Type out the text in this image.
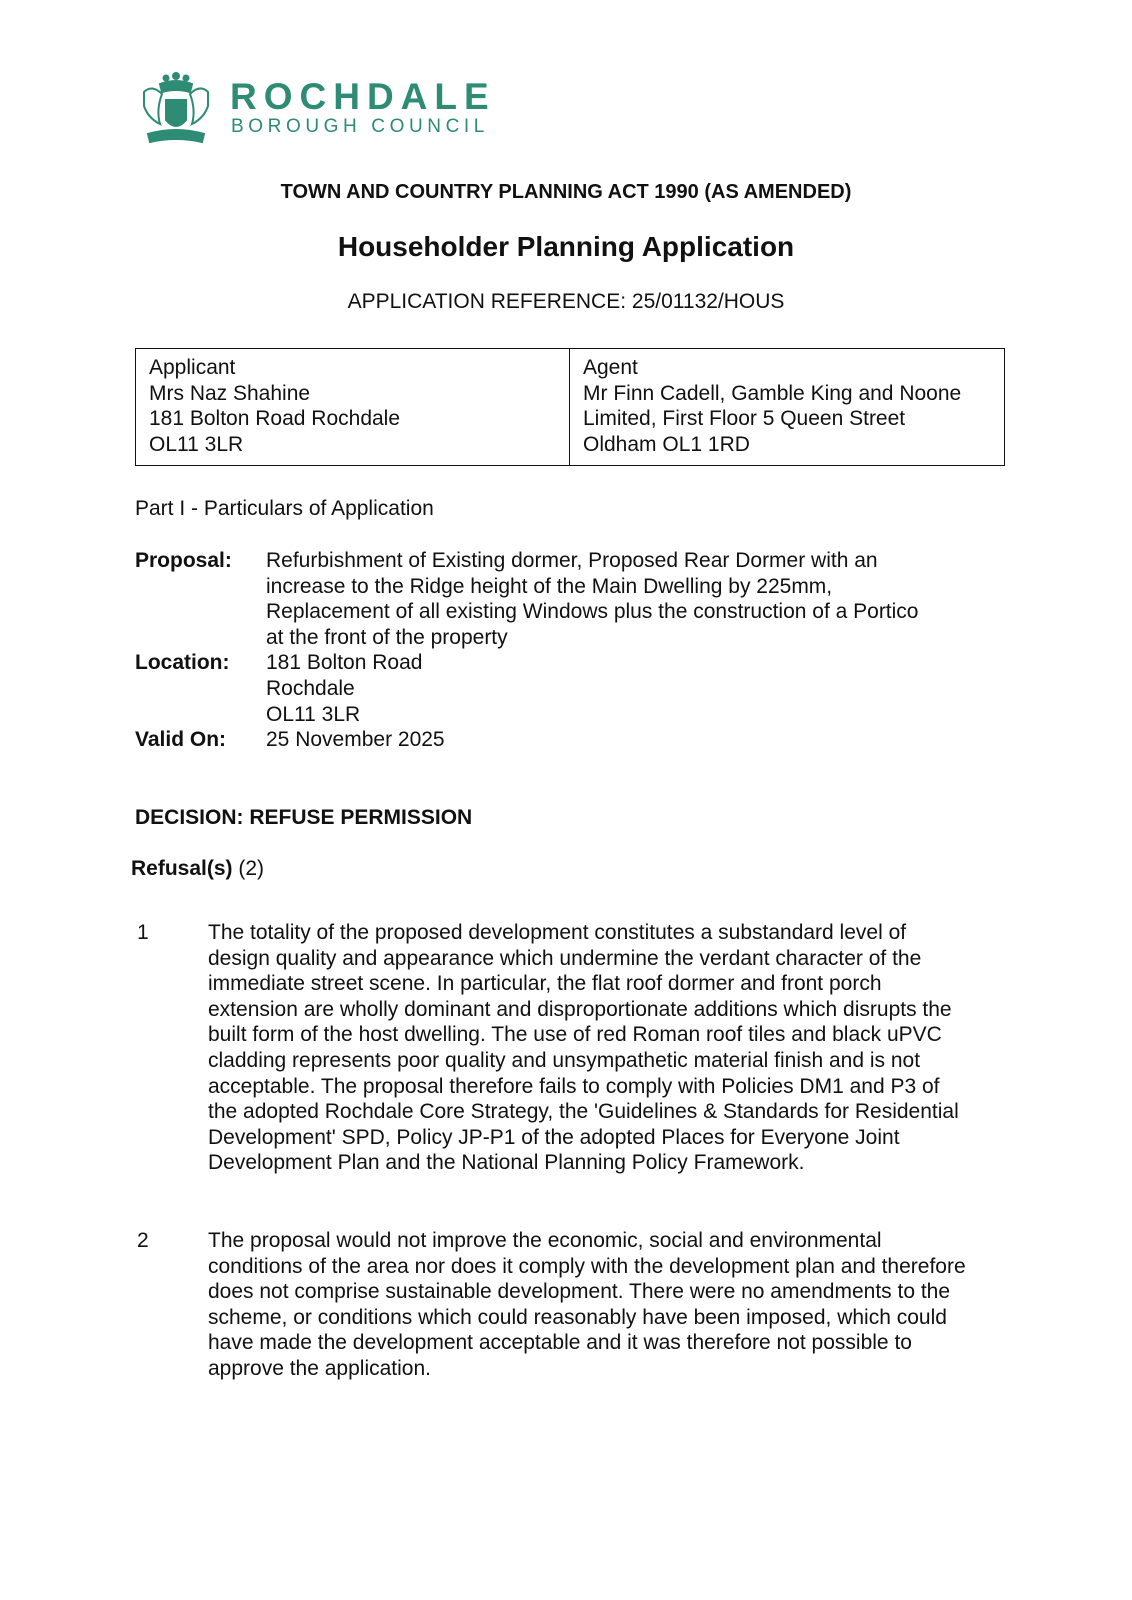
ROCHDALE
BOROUGH COUNCIL
TOWN AND COUNTRY PLANNING ACT 1990 (AS AMENDED)
Householder Planning Application
APPLICATION REFERENCE: 25/01132/HOUS
Applicant
Mrs Naz Shahine
181 Bolton Road Rochdale
OL11 3LR
Agent
Mr Finn Cadell, Gamble King and Noone
Limited, First Floor 5 Queen Street
Oldham OL1 1RD
Part I - Particulars of Application
Proposal:	Refurbishment of Existing dormer, Proposed Rear Dormer with an increase to the Ridge height of the Main Dwelling by 225mm, Replacement of all existing Windows plus the construction of a Portico at the front of the property
Location:	181 Bolton Road
Rochdale
OL11 3LR
Valid On:	25 November 2025
DECISION: REFUSE PERMISSION
Refusal(s) (2)
1	The totality of the proposed development constitutes a substandard level of design quality and appearance which undermine the verdant character of the immediate street scene. In particular, the flat roof dormer and front porch extension are wholly dominant and disproportionate additions which disrupts the built form of the host dwelling. The use of red Roman roof tiles and black uPVC cladding represents poor quality and unsympathetic material finish and is not acceptable. The proposal therefore fails to comply with Policies DM1 and P3 of the adopted Rochdale Core Strategy, the 'Guidelines & Standards for Residential Development' SPD, Policy JP-P1 of the adopted Places for Everyone Joint Development Plan and the National Planning Policy Framework.
2	The proposal would not improve the economic, social and environmental conditions of the area nor does it comply with the development plan and therefore does not comprise sustainable development. There were no amendments to the scheme, or conditions which could reasonably have been imposed, which could have made the development acceptable and it was therefore not possible to approve the application.
